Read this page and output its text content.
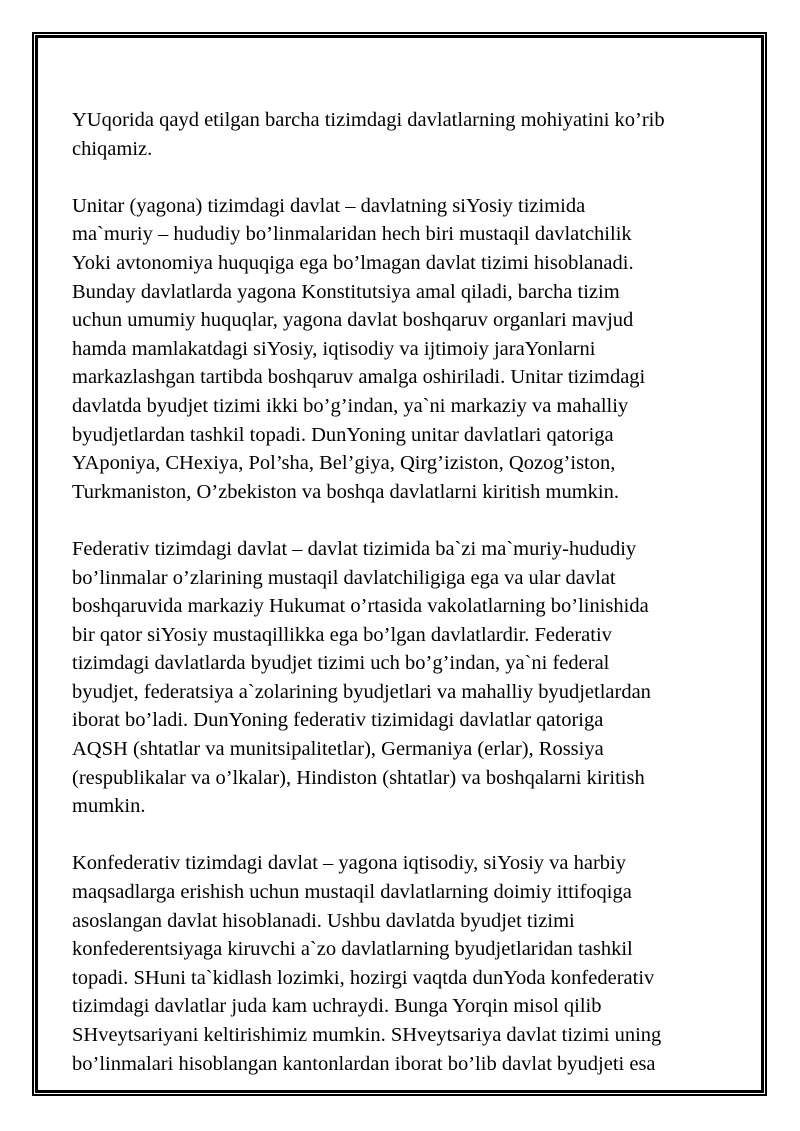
YUqorida qayd etilgan barcha tizimdagi davlatlarning mohiyatini ko’rib
chiqamiz.
Unitar (yagona) tizimdagi davlat – davlatning siYosiy tizimida
ma`muriy – hududiy bo’linmalaridan hech biri mustaqil davlatchilik
Yoki avtonomiya huquqiga ega bo’lmagan davlat tizimi hisoblanadi.
Bunday davlatlarda yagona Konstitutsiya amal qiladi, barcha tizim
uchun umumiy huquqlar, yagona davlat boshqaruv organlari mavjud
hamda mamlakatdagi siYosiy, iqtisodiy va ijtimoiy jaraYonlarni
markazlashgan tartibda boshqaruv amalga oshiriladi. Unitar tizimdagi
davlatda byudjet tizimi ikki bo’g’indan, ya`ni markaziy va mahalliy
byudjetlardan tashkil topadi. DunYoning unitar davlatlari qatoriga
YAponiya, CHexiya, Pol’sha, Bel’giya, Qirg’iziston, Qozog’iston,
Turkmaniston, O’zbekiston va boshqa davlatlarni kiritish mumkin.
Federativ tizimdagi davlat – davlat tizimida ba`zi ma`muriy-hududiy
bo’linmalar o’zlarining mustaqil davlatchiligiga ega va ular davlat
boshqaruvida markaziy Hukumat o’rtasida vakolatlarning bo’linishida
bir qator siYosiy mustaqillikka ega bo’lgan davlatlardir. Federativ
tizimdagi davlatlarda byudjet tizimi uch bo’g’indan, ya`ni federal
byudjet, federatsiya a`zolarining byudjetlari va mahalliy byudjetlardan
iborat bo’ladi. DunYoning federativ tizimidagi davlatlar qatoriga
AQSH (shtatlar va munitsipalitetlar), Germaniya (erlar), Rossiya
(respublikalar va o’lkalar), Hindiston (shtatlar) va boshqalarni kiritish
mumkin.
Konfederativ tizimdagi davlat – yagona iqtisodiy, siYosiy va harbiy
maqsadlarga erishish uchun mustaqil davlatlarning doimiy ittifoqiga
asoslangan davlat hisoblanadi. Ushbu davlatda byudjet tizimi
konfederentsiyaga kiruvchi a`zo davlatlarning byudjetlaridan tashkil
topadi. SHuni ta`kidlash lozimki, hozirgi vaqtda dunYoda konfederativ
tizimdagi davlatlar juda kam uchraydi. Bunga Yorqin misol qilib
SHveytsariyani keltirishimiz mumkin. SHveytsariya davlat tizimi uning
bo’linmalari hisoblangan kantonlardan iborat bo’lib davlat byudjeti esa
